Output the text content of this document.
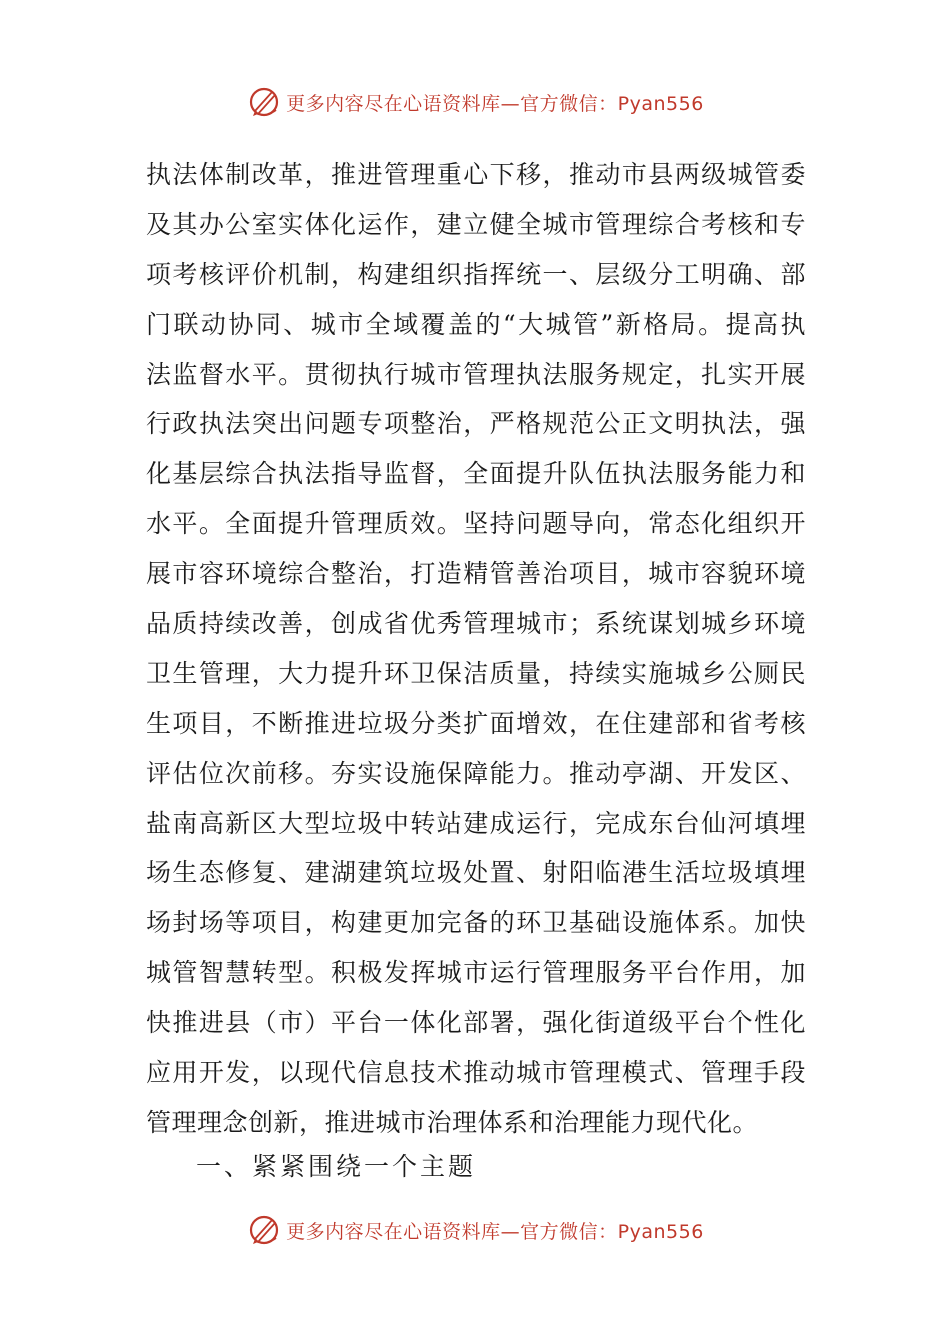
更多内容尽在心语资料库—官方微信：Pyan556
执法体制改革，推进管理重心下移，推动市县两级城管委
及其办公室实体化运作，建立健全城市管理综合考核和专
项考核评价机制，构建组织指挥统一、层级分工明确、部
门联动协同、城市全域覆盖的“大城管”新格局。提高执
法监督水平。贯彻执行城市管理执法服务规定，扎实开展
行政执法突出问题专项整治，严格规范公正文明执法，强
化基层综合执法指导监督，全面提升队伍执法服务能力和
水平。全面提升管理质效。坚持问题导向，常态化组织开
展市容环境综合整治，打造精管善治项目，城市容貌环境
品质持续改善，创成省优秀管理城市；系统谋划城乡环境
卫生管理，大力提升环卫保洁质量，持续实施城乡公厕民
生项目，不断推进垃圾分类扩面增效，在住建部和省考核
评估位次前移。夯实设施保障能力。推动亭湖、开发区、
盐南高新区大型垃圾中转站建成运行，完成东台仙河填埋
场生态修复、建湖建筑垃圾处置、射阳临港生活垃圾填埋
场封场等项目，构建更加完备的环卫基础设施体系。加快
城管智慧转型。积极发挥城市运行管理服务平台作用，加
快推进县（市）平台一体化部署，强化街道级平台个性化
应用开发，以现代信息技术推动城市管理模式、管理手段
管理理念创新，推进城市治理体系和治理能力现代化。
一、紧紧围绕一个主题
更多内容尽在心语资料库—官方微信：Pyan556
